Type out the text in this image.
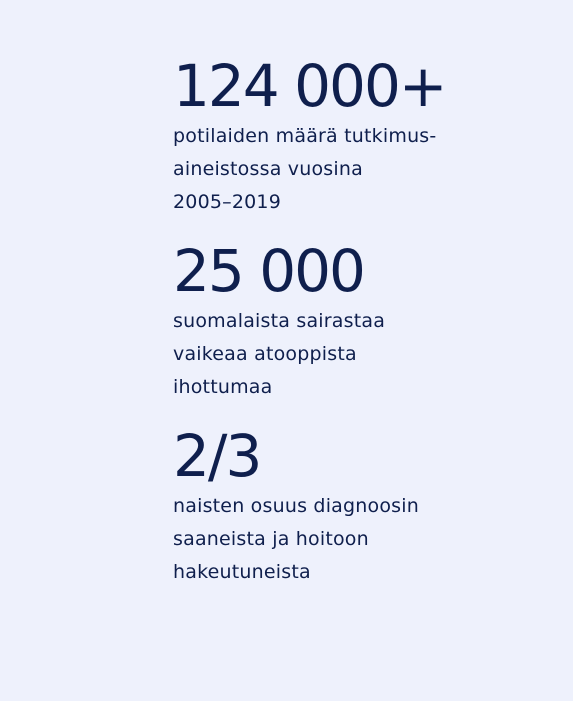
124 000+

potilaiden määrä tutkimus-
aineistossa vuosina
2005–2019

25 000

suomalaista sairastaa
vaikeaa atooppista
ihottumaa

2/3

naisten osuus diagnoosin
saaneista ja hoitoon
hakeutuneista
